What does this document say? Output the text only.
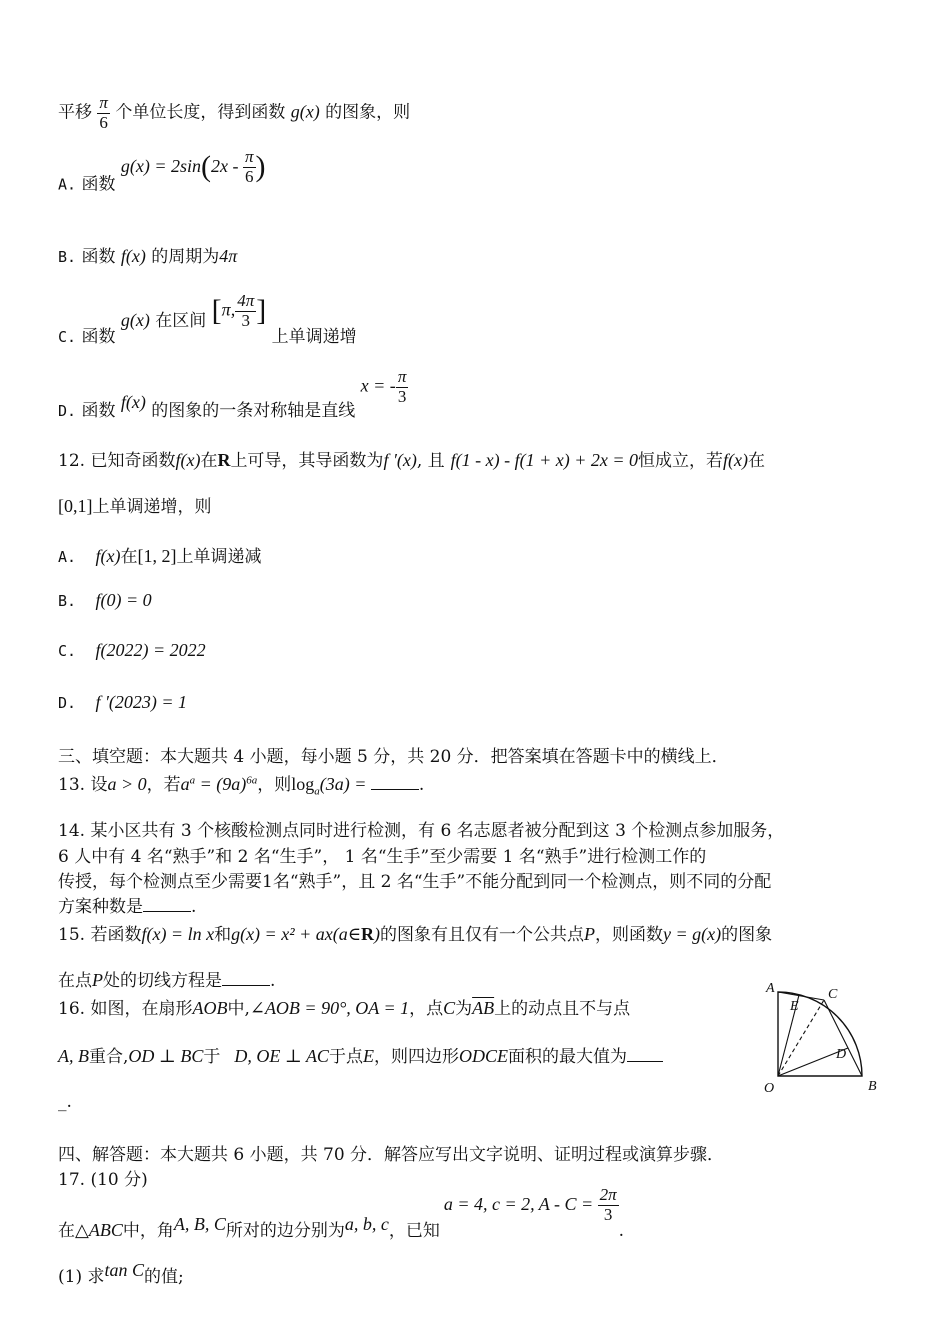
平移 $\frac{\pi}{6}$ 个单位长度，得到函数 g(x) 的图象，则
A. 函数 $g(x) = 2\sin(2x - \frac{\pi}{6}$ )
B. 函数 f(x) 的周期为4π
C. 函数 g(x) 在区间 [π, $\frac{4\pi}{3}$ ] 上单调递增
D. 函数 f(x) 的图象的一条对称轴是直线 x = - $\frac{\pi}{3}$
12. 已知奇函数f(x)在R上可导，其导函数为f ′(x), 且 f(1 - x) - f(1 + x) + 2x = 0恒成立，若f(x)在
[0,1]上单调递增，则
A. f(x)在[1, 2]上单调递减
B. f(0) = 0
C. f(2022) = 2022
D. f ′(2023) = 1
三、填空题：本大题共 4 小题，每小题 5 分，共 20 分．把答案填在答题卡中的横线上．
13. 设a > 0，若$a^a = (9a)^{6a}$，则$\log_a(3a)$ =	.
14. 某小区共有 3 个核酸检测点同时进行检测，有 6 名志愿者被分配到这 3 个检测点参加服务，
6 人中有 4 名“熟手”和 2 名“生手”， 1 名“生手”至少需要 1 名“熟手”进行检测工作的
传授，每个检测点至少需要1名“熟手”，且 2 名“生手”不能分配到同一个检测点，则不同的分配
方案种数是	.
15. 若函数f(x) = ln x和g(x) = x² + ax(a∈R)的图象有且仅有一个公共点P，则函数y = g(x)的图象
在点P处的切线方程是	.
16. 如图，在扇形AOB中,∠AOB = 90°, OA = 1，点C为$\overline{AB}$上的动点且不与点
A, B重合,OD ⊥ BC于 D, OE ⊥ AC于点E，则四边形ODCE面积的最大值为
_.
A	C
E
D
O	B
四、解答题：本大题共 6 小题，共 70 分．解答应写出文字说明、证明过程或演算步骤．
17. (10 分)
在△ABC中，角A, B, C所对的边分别为a, b, c，已知a = 4, c = 2, $A - C = \frac{2\pi}{3}$
.
(1) 求tan C的值;
